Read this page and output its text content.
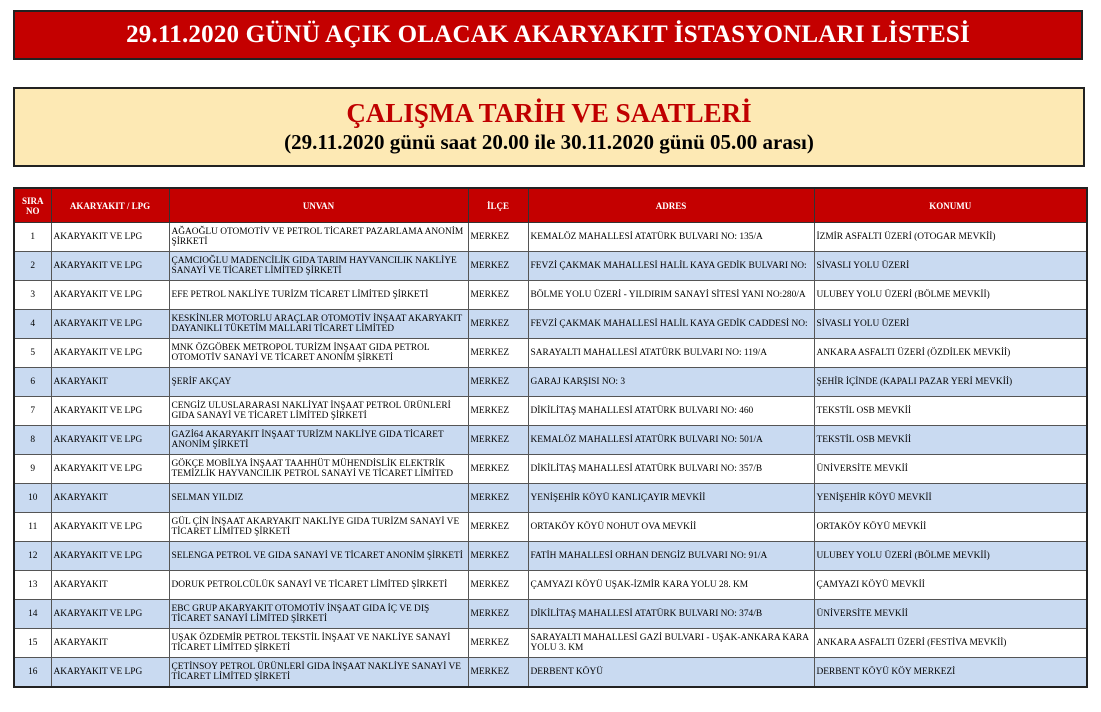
29.11.2020 GÜNÜ AÇIK OLACAK AKARYAKIT İSTASYONLARI LİSTESİ
ÇALIŞMA TARİH VE SAATLERİ
(29.11.2020 günü saat 20.00 ile 30.11.2020 günü 05.00 arası)
SIRA
NO	AKARYAKIT / LPG	UNVAN	İLÇE	ADRES	KONUMU
1	AKARYAKIT VE LPG	AĞAOĞLU OTOMOTİV VE PETROL TİCARET PAZARLAMA ANONİM ŞİRKETİ	MERKEZ	KEMALÖZ MAHALLESİ ATATÜRK BULVARI NO: 135/A	İZMİR ASFALTI ÜZERİ (OTOGAR MEVKİİ)
2	AKARYAKIT VE LPG	ÇAMCIOĞLU MADENCİLİK GIDA TARIM HAYVANCILIK NAKLİYE SANAYİ VE TİCARET LİMİTED ŞİRKETİ	MERKEZ	FEVZİ ÇAKMAK MAHALLESİ HALİL KAYA GEDİK BULVARI NO:	SİVASLI YOLU ÜZERİ
3	AKARYAKIT VE LPG	EFE PETROL NAKLİYE TURİZM TİCARET LİMİTED ŞİRKETİ	MERKEZ	BÖLME YOLU ÜZERİ - YILDIRIM SANAYİ SİTESİ YANI NO:280/A	ULUBEY YOLU ÜZERİ (BÖLME MEVKİİ)
4	AKARYAKIT VE LPG	KESKİNLER MOTORLU ARAÇLAR OTOMOTİV İNŞAAT AKARYAKIT DAYANIKLI TÜKETİM MALLARI TİCARET LİMİTED	MERKEZ	FEVZİ ÇAKMAK MAHALLESİ HALİL KAYA GEDİK CADDESİ NO:	SİVASLI YOLU ÜZERİ
5	AKARYAKIT VE LPG	MNK ÖZGÖBEK METROPOL TURİZM İNŞAAT GIDA PETROL OTOMOTİV SANAYİ VE TİCARET ANONİM ŞİRKETİ	MERKEZ	SARAYALTI MAHALLESİ ATATÜRK BULVARI NO: 119/A	ANKARA ASFALTI ÜZERİ (ÖZDİLEK MEVKİİ)
6	AKARYAKIT	ŞERİF AKÇAY	MERKEZ	GARAJ KARŞISI NO: 3	ŞEHİR İÇİNDE (KAPALI PAZAR YERİ MEVKİİ)
7	AKARYAKIT VE LPG	CENGİZ ULUSLARARASI NAKLİYAT İNŞAAT PETROL ÜRÜNLERİ GIDA SANAYİ VE TİCARET LİMİTED ŞİRKETİ	MERKEZ	DİKİLİTAŞ MAHALLESİ ATATÜRK BULVARI NO: 460	TEKSTİL OSB MEVKİİ
8	AKARYAKIT VE LPG	GAZİ64 AKARYAKIT İNŞAAT TURİZM NAKLİYE GIDA TİCARET ANONİM ŞİRKETİ	MERKEZ	KEMALÖZ MAHALLESİ ATATÜRK BULVARI NO: 501/A	TEKSTİL OSB MEVKİİ
9	AKARYAKIT VE LPG	GÖKÇE MOBİLYA İNŞAAT TAAHHÜT MÜHENDİSLİK ELEKTRİK TEMİZLİK HAYVANCILIK PETROL SANAYİ VE TİCARET LİMİTED	MERKEZ	DİKİLİTAŞ MAHALLESİ ATATÜRK BULVARI NO: 357/B	ÜNİVERSİTE MEVKİİ
10	AKARYAKIT	SELMAN YILDIZ	MERKEZ	YENİŞEHİR KÖYÜ KANLIÇAYIR MEVKİİ	YENİŞEHİR KÖYÜ MEVKİİ
11	AKARYAKIT VE LPG	GÜL ÇİN İNŞAAT AKARYAKIT NAKLİYE GIDA TURİZM SANAYİ VE TİCARET LİMİTED ŞİRKETİ	MERKEZ	ORTAKÖY KÖYÜ NOHUT OVA MEVKİİ	ORTAKÖY KÖYÜ MEVKİİ
12	AKARYAKIT VE LPG	SELENGA PETROL VE GIDA SANAYİ VE TİCARET ANONİM ŞİRKETİ	MERKEZ	FATİH MAHALLESİ ORHAN DENGİZ BULVARI NO: 91/A	ULUBEY YOLU ÜZERİ (BÖLME MEVKİİ)
13	AKARYAKIT	DORUK PETROLCÜLÜK SANAYİ VE TİCARET LİMİTED ŞİRKETİ	MERKEZ	ÇAMYAZI KÖYÜ UŞAK-İZMİR KARA YOLU 28. KM	ÇAMYAZI KÖYÜ MEVKİİ
14	AKARYAKIT VE LPG	EBC GRUP AKARYAKIT OTOMOTİV İNŞAAT GIDA İÇ VE DIŞ TİCARET SANAYİ LİMİTED ŞİRKETİ	MERKEZ	DİKİLİTAŞ MAHALLESİ ATATÜRK BULVARI NO: 374/B	ÜNİVERSİTE MEVKİİ
15	AKARYAKIT	UŞAK ÖZDEMİR PETROL TEKSTİL İNŞAAT VE NAKLİYE SANAYİ TİCARET LİMİTED ŞİRKETİ	MERKEZ	SARAYALTI MAHALLESİ GAZİ BULVARI - UŞAK-ANKARA KARA YOLU 3. KM	ANKARA ASFALTI ÜZERİ (FESTİVA MEVKİİ)
16	AKARYAKIT VE LPG	ÇETİNSOY PETROL ÜRÜNLERİ GIDA İNŞAAT NAKLİYE SANAYİ VE TİCARET LİMİTED ŞİRKETİ	MERKEZ	DERBENT KÖYÜ	DERBENT KÖYÜ KÖY MERKEZİ
